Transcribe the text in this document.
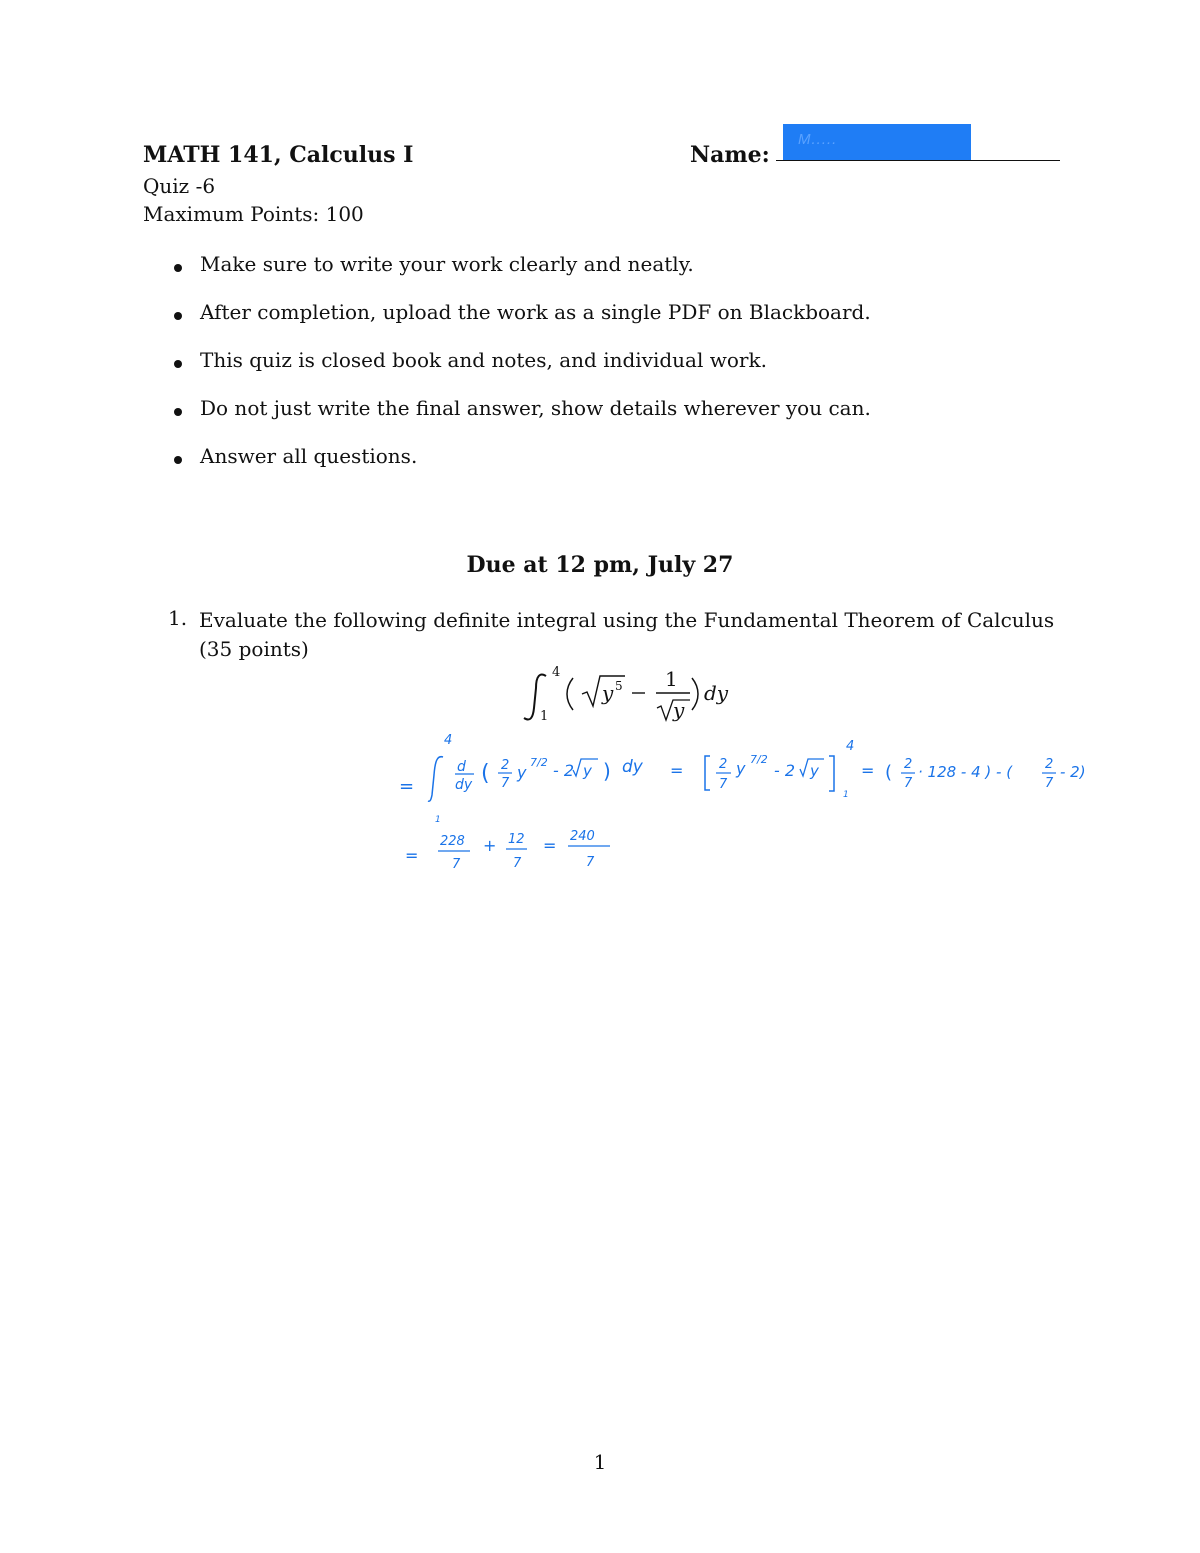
MATH 141, Calculus I	Name:
M.....
Quiz -6
Maximum Points: 100
Make sure to write your work clearly and neatly.
After completion, upload the work as a single PDF on Blackboard.
This quiz is closed book and notes, and individual work.
Do not just write the final answer, show details wherever you can.
Answer all questions.
Due at 12 pm, July 27
1. Evaluate the following definite integral using the Fundamental Theorem of Calculus (35 points)
4
1
y 5 1
y
dy
=
4
1
d
dy ( 2
7
y
7/2 - 2 y ) dy =	2
7
y 7/2
- 2 y
4
1
= ( 2
7
· 128 - 4 ) - (	2
7
- 2)
=
228
7
+ 12
7
= 240
7
1
